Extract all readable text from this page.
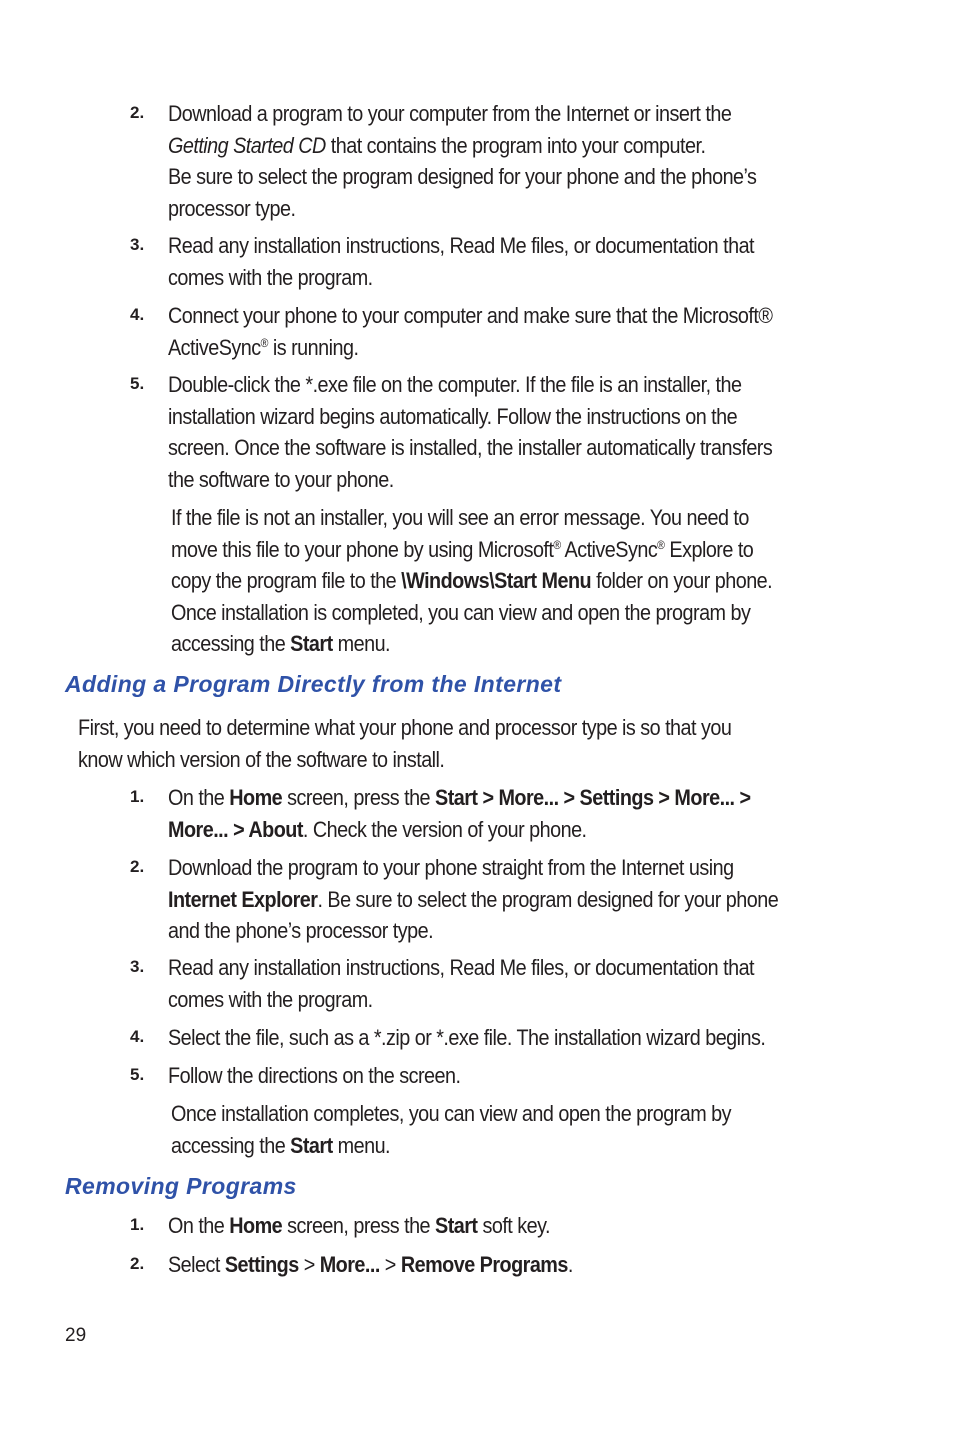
2. Download a program to your computer from the Internet or insert the
Getting Started CD that contains the program into your computer.
Be sure to select the program designed for your phone and the phone’s
processor type.
3. Read any installation instructions, Read Me files, or documentation that
comes with the program.
4. Connect your phone to your computer and make sure that the Microsoft®
ActiveSync® is running.
5. Double-click the *.exe file on the computer. If the file is an installer, the
installation wizard begins automatically. Follow the instructions on the
screen. Once the software is installed, the installer automatically transfers
the software to your phone.
If the file is not an installer, you will see an error message. You need to
move this file to your phone by using Microsoft® ActiveSync® Explore to
copy the program file to the \Windows\Start Menu folder on your phone.
Once installation is completed, you can view and open the program by
accessing the Start menu.
Adding a Program Directly from the Internet
First, you need to determine what your phone and processor type is so that you
know which version of the software to install.
1. On the Home screen, press the Start > More... > Settings > More... >
More... > About. Check the version of your phone.
2. Download the program to your phone straight from the Internet using
Internet Explorer. Be sure to select the program designed for your phone
and the phone’s processor type.
3. Read any installation instructions, Read Me files, or documentation that
comes with the program.
4. Select the file, such as a *.zip or *.exe file. The installation wizard begins.
5. Follow the directions on the screen.
Once installation completes, you can view and open the program by
accessing the Start menu.
Removing Programs
1. On the Home screen, press the Start soft key.
2. Select Settings > More... > Remove Programs.
29
